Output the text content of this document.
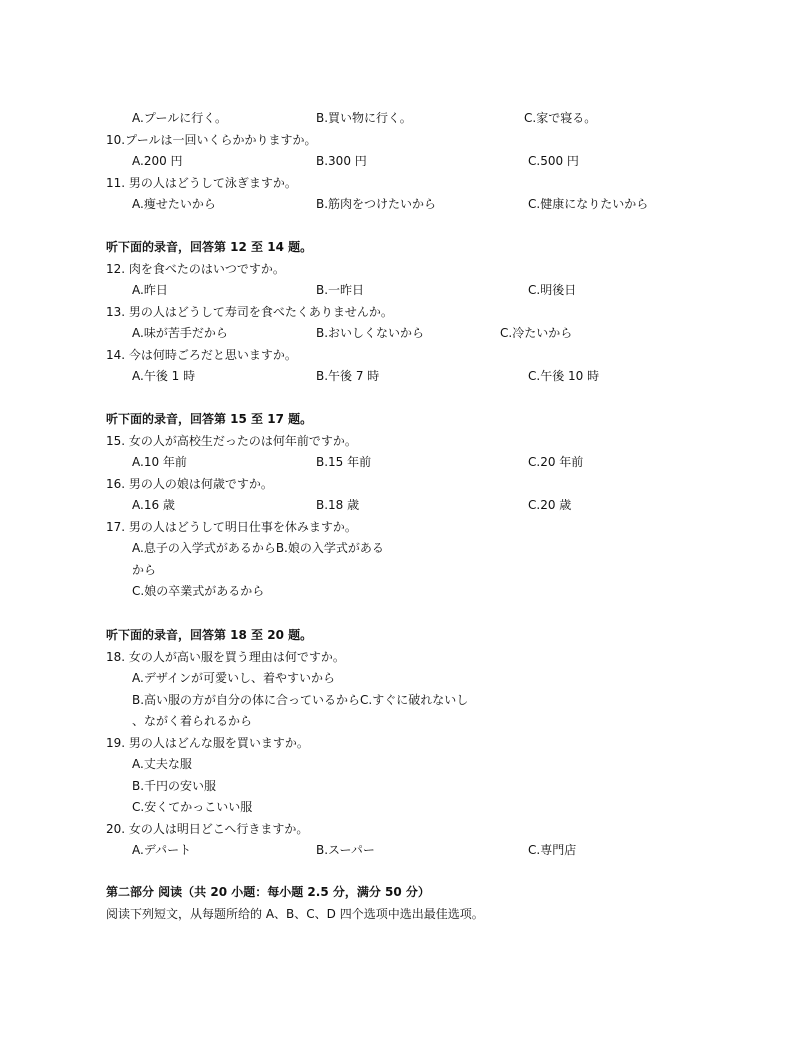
A.プールに行く。	B.買い物に行く。	C.家で寝る。
10.プールは一回いくらかかりますか。
A.200 円	B.300 円	C.500 円
11. 男の人はどうして泳ぎますか。
A.痩せたいから	B.筋肉をつけたいから	C.健康になりたいから
听下面的录音，回答第 12 至 14 题。
12. 肉を食べたのはいつですか。
A.昨日	B.一昨日	C.明後日
13. 男の人はどうして寿司を食べたくありませんか。
A.味が苦手だから	B.おいしくないから	C.冷たいから
14. 今は何時ごろだと思いますか。
A.午後 1 時	B.午後 7 時	C.午後 10 時
听下面的录音，回答第 15 至 17 题。
15. 女の人が高校生だったのは何年前ですか。
A.10 年前	B.15 年前	C.20 年前
16. 男の人の娘は何歳ですか。
A.16 歳	B.18 歳	C.20 歳
17. 男の人はどうして明日仕事を休みますか。
A.息子の入学式があるからB.娘の入学式がある
から
C.娘の卒業式があるから
听下面的录音，回答第 18 至 20 题。
18. 女の人が高い服を買う理由は何ですか。
A.デザインが可愛いし、着やすいから
B.高い服の方が自分の体に合っているからC.すぐに破れないし
、ながく着られるから
19. 男の人はどんな服を買いますか。
A.丈夫な服
B.千円の安い服
C.安くてかっこいい服
20. 女の人は明日どこへ行きますか。
A.デパート	B.スーパー	C.専門店
第二部分 阅读（共 20 小题：每小题 2.5 分，满分 50 分）
阅读下列短文，从每题所给的 A、B、C、D 四个选项中选出最佳选项。
